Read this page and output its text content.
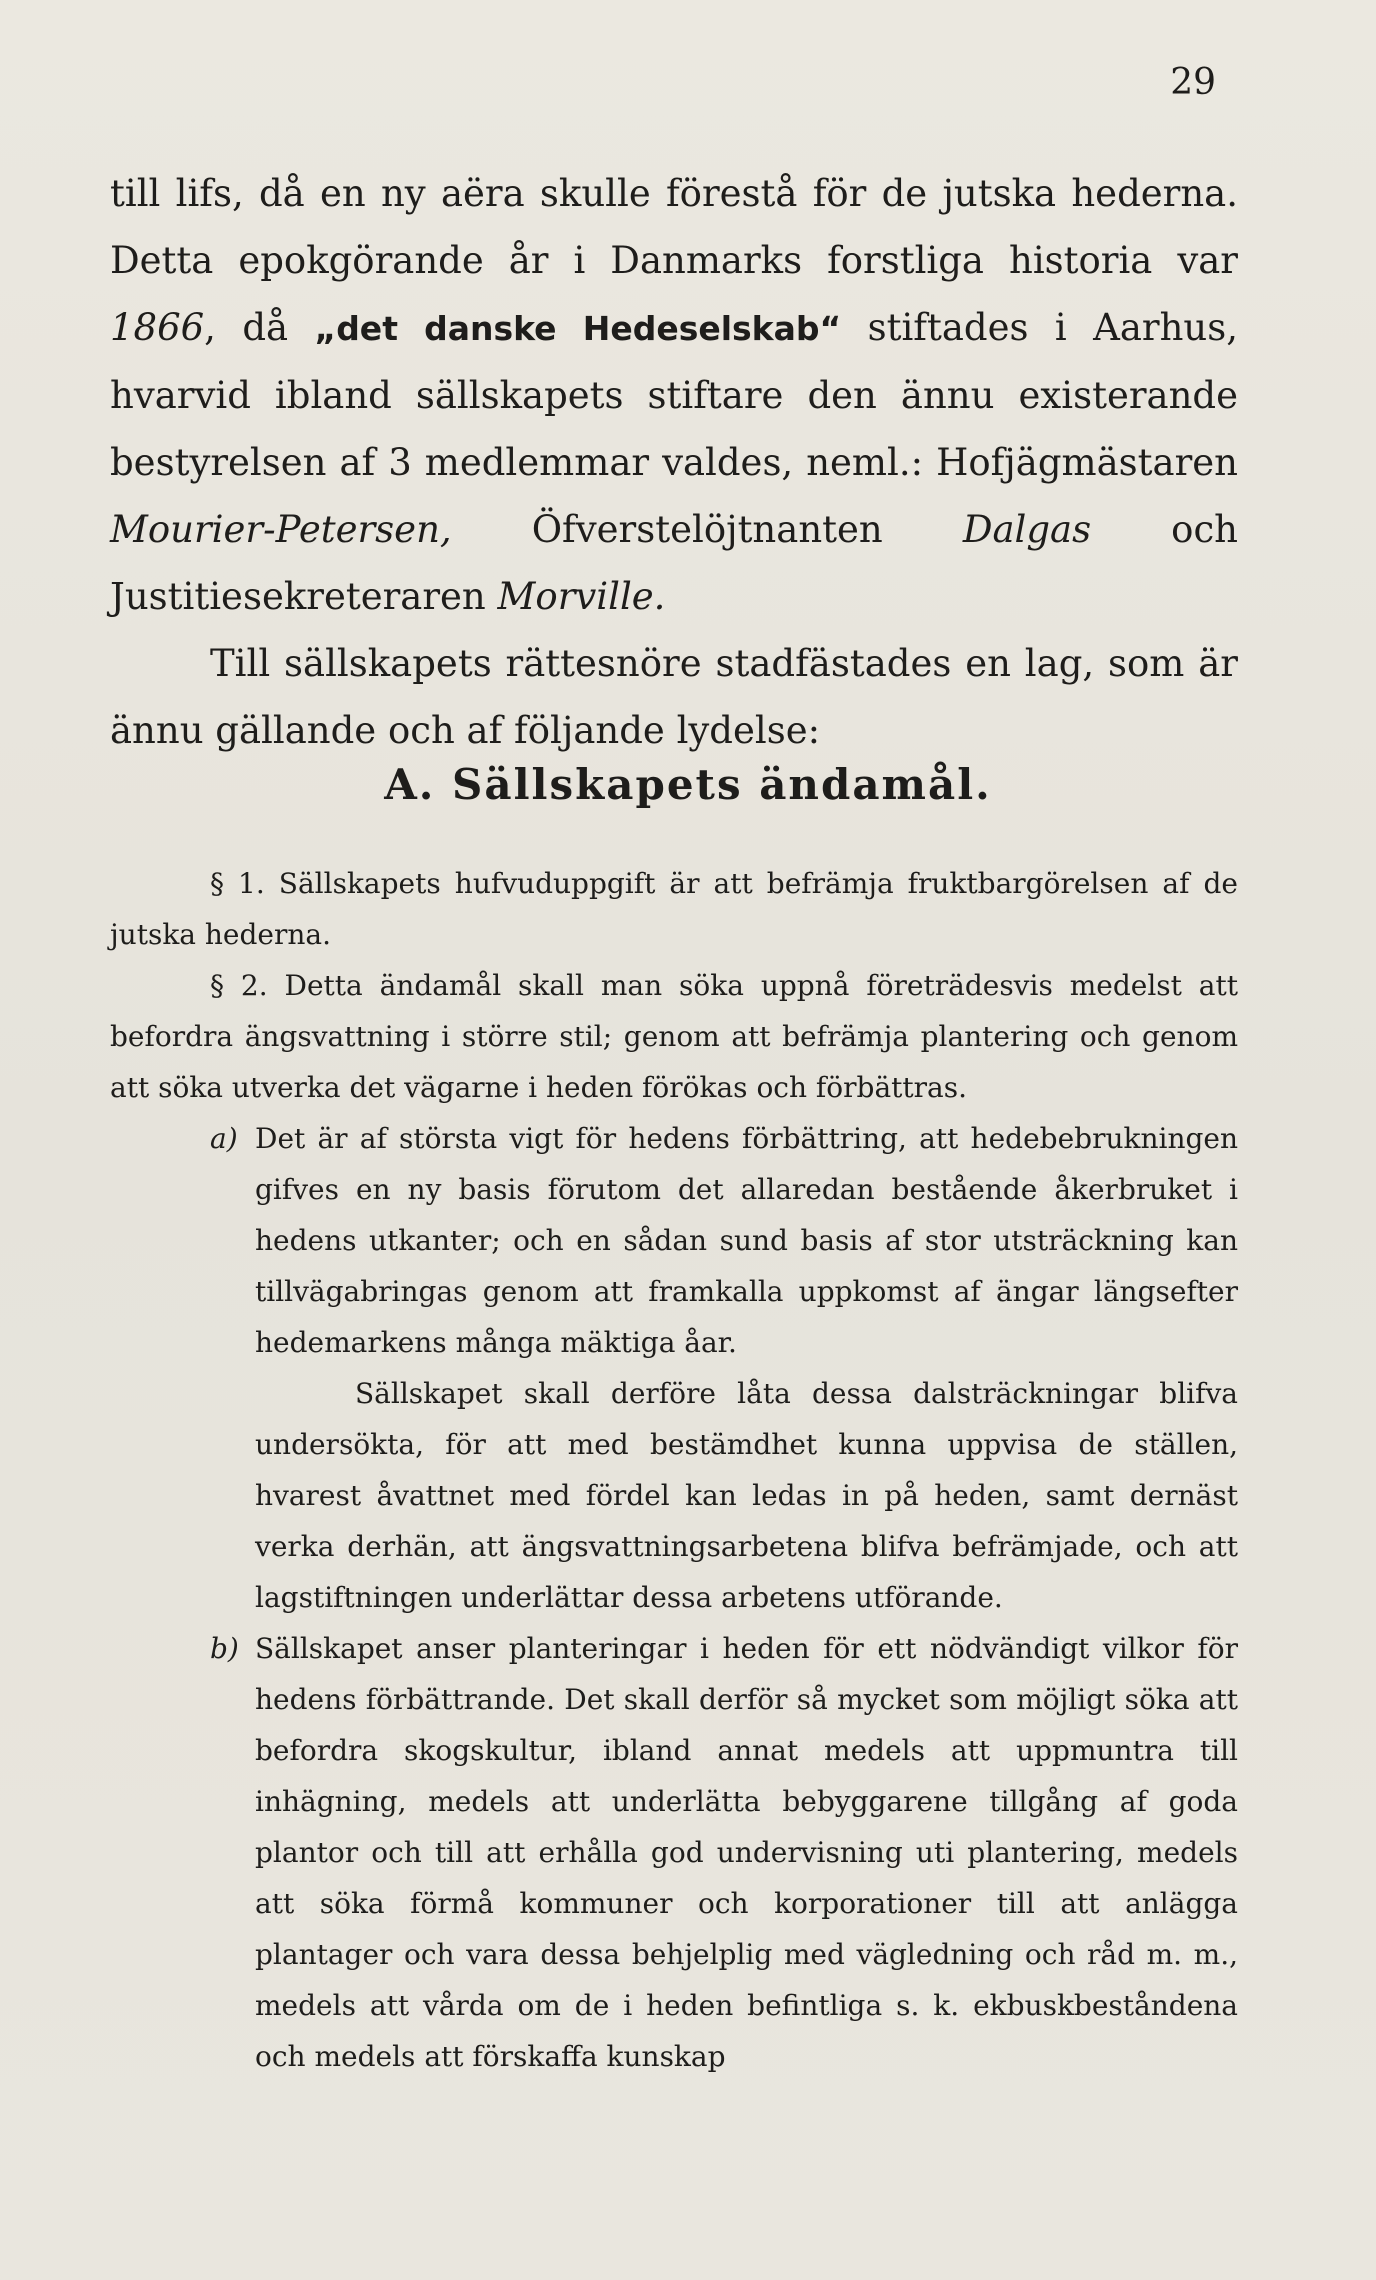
29

till lifs, då en ny aëra skulle förestå för de jutska hederna. Detta epokgörande år i Danmarks forstliga historia var 1866, då „det danske Hedeselskab“ stiftades i Aarhus, hvarvid ibland sällskapets stiftare den ännu existerande bestyrelsen af 3 medlemmar valdes, neml.: Hofjägmästaren Mourier-Petersen, Öfverstelöjtnanten Dalgas och Justitiesekreteraren Morville.

Till sällskapets rättesnöre stadfästades en lag, som är ännu gällande och af följande lydelse:

A. Sällskapets ändamål.

§ 1. Sällskapets hufvuduppgift är att befrämja fruktbargörelsen af de jutska hederna.

§ 2. Detta ändamål skall man söka uppnå företrädesvis medelst att befordra ängsvattning i större stil; genom att befrämja plantering och genom att söka utverka det vägarne i heden förökas och förbättras.

a) Det är af största vigt för hedens förbättring, att hedebebrukningen gifves en ny basis förutom det allaredan bestående åkerbruket i hedens utkanter; och en sådan sund basis af stor utsträckning kan tillvägabringas genom att framkalla uppkomst af ängar längsefter hedemarkens många mäktiga åar.

Sällskapet skall derföre låta dessa dalsträckningar blifva undersökta, för att med bestämdhet kunna uppvisa de ställen, hvarest åvattnet med fördel kan ledas in på heden, samt dernäst verka derhän, att ängsvattningsarbetena blifva befrämjade, och att lagstiftningen underlättar dessa arbetens utförande.

b) Sällskapet anser planteringar i heden för ett nödvändigt vilkor för hedens förbättrande. Det skall derför så mycket som möjligt söka att befordra skogskultur, ibland annat medels att uppmuntra till inhägning, medels att underlätta bebyggarene tillgång af goda plantor och till att erhålla god undervisning uti plantering, medels att söka förmå kommuner och korporationer till att anlägga plantager och vara dessa behjelplig med vägledning och råd m. m., medels att vårda om de i heden befintliga s. k. ekbuskbeståndena och medels att förskaffa kunskap
